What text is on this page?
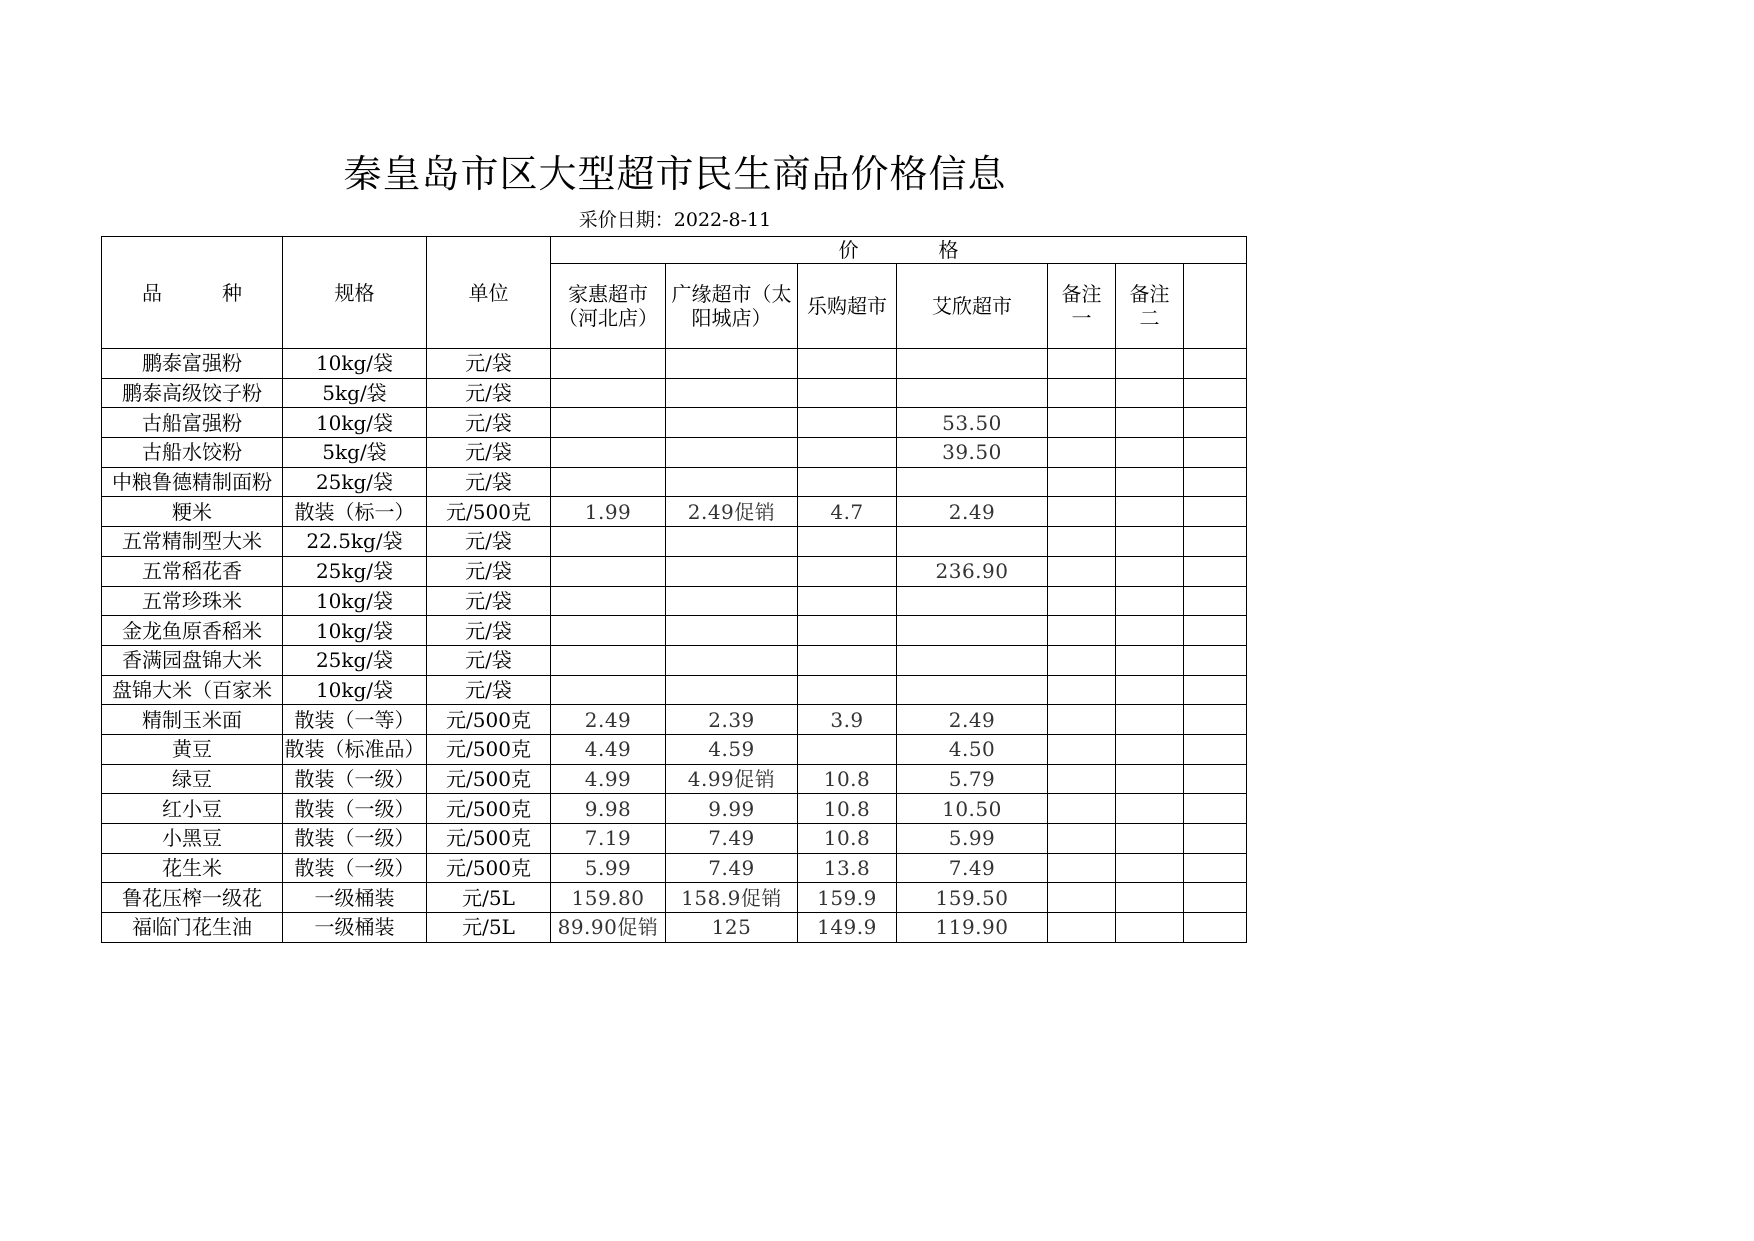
秦皇岛市区大型超市民生商品价格信息
采价日期：2022-8-11
品　　　种	规格	单位	价　　　　格						
			家惠超市（河北店）	广缘超市（太阳城店）	乐购超市	艾欣超市	备注一	备注二	
鹏泰富强粉	10kg/袋	元/袋							
鹏泰高级饺子粉	5kg/袋	元/袋							
古船富强粉	10kg/袋	元/袋				53.50			
古船水饺粉	5kg/袋	元/袋				39.50			
中粮鲁德精制面粉	25kg/袋	元/袋							
粳米	散装（标一）	元/500克	1.99	2.49促销	4.7	2.49			
五常精制型大米	22.5kg/袋	元/袋							
五常稻花香	25kg/袋	元/袋				236.90			
五常珍珠米	10kg/袋	元/袋							
金龙鱼原香稻米	10kg/袋	元/袋							
香满园盘锦大米	25kg/袋	元/袋							
盘锦大米（百家米	10kg/袋	元/袋							
精制玉米面	散装（一等）	元/500克	2.49	2.39	3.9	2.49			
黄豆	散装（标准品）	元/500克	4.49	4.59		4.50			
绿豆	散装（一级）	元/500克	4.99	4.99促销	10.8	5.79			
红小豆	散装（一级）	元/500克	9.98	9.99	10.8	10.50			
小黑豆	散装（一级）	元/500克	7.19	7.49	10.8	5.99			
花生米	散装（一级）	元/500克	5.99	7.49	13.8	7.49			
鲁花压榨一级花	一级桶装	元/5L	159.80	158.9促销	159.9	159.50			
福临门花生油	一级桶装	元/5L	89.90促销	125	149.9	119.90			
